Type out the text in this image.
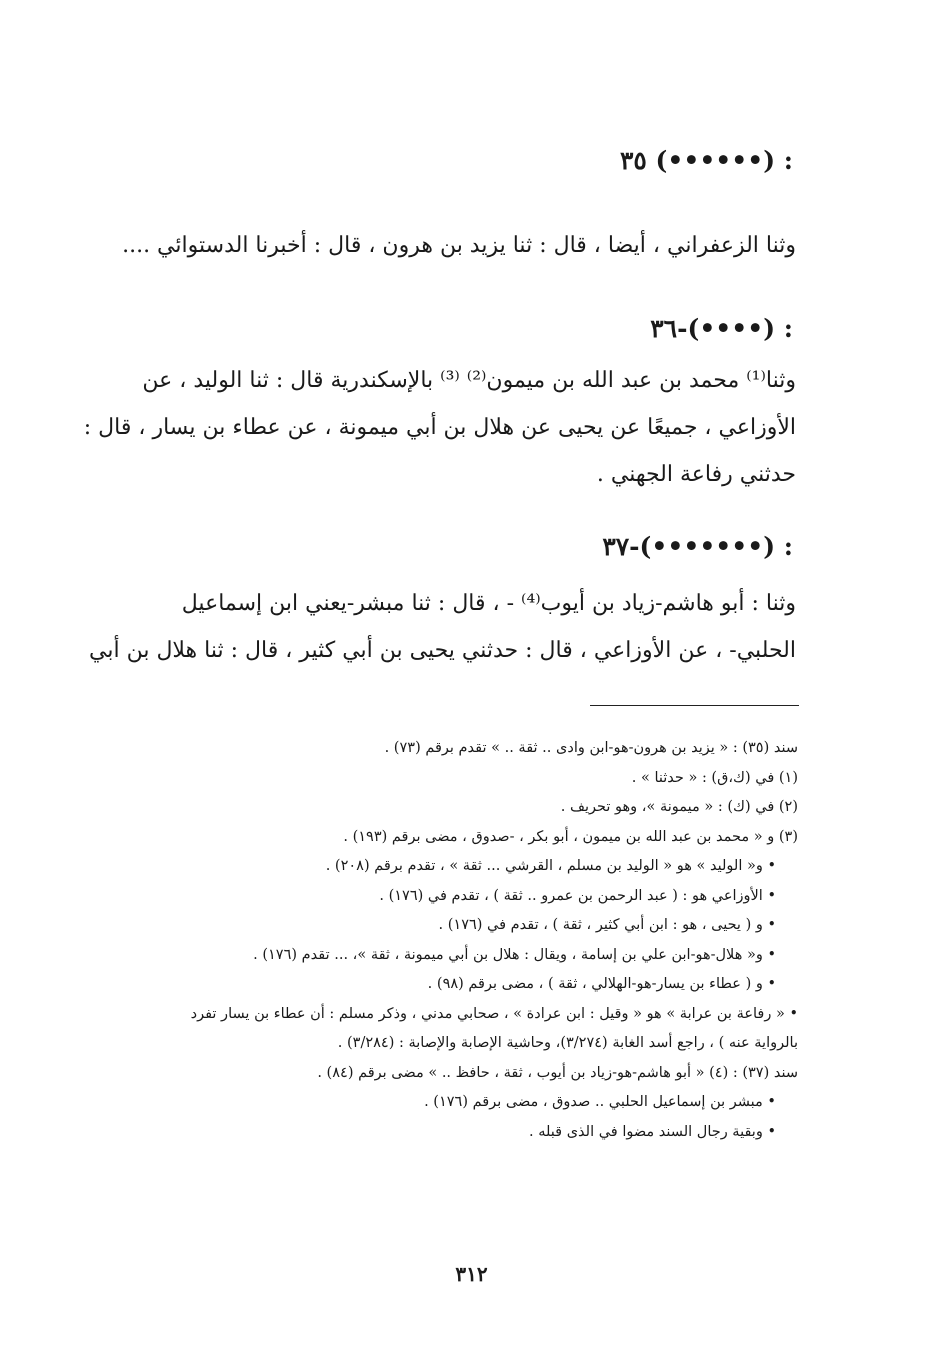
٣٥ (••••••) :
وثنا الزعفراني ، أيضا ، قال : ثنا يزيد بن هرون ، قال : أخبرنا الدستوائي ....
٣٦-(••••) :
وثنا⁽¹⁾ محمد بن عبد الله بن ميمون⁽²⁾ ⁽³⁾ بالإسكندرية قال : ثنا الوليد ، عن
الأوزاعي ، جميعًا عن يحيى عن هلال بن أبي ميمونة ، عن عطاء بن يسار ، قال :
حدثني رفاعة الجهني .
٣٧-(•••••••) :
وثنا : أبو هاشم-زياد بن أيوب⁽⁴⁾ - ، قال : ثنا مبشر-يعني ابن إسماعيل
الحلبي- ، عن الأوزاعي ، قال : حدثني يحيى بن أبي كثير ، قال : ثنا هلال بن أبي
سند (٣٥) : « يزيد بن هرون-هو-ابن وادى .. ثقة .. » تقدم برقم (٧٣) .
(١) في (ك،ق) : « حدثنا » .
(٢) في (ك) : « ميمونة »، وهو تحريف .
(٣) و « محمد بن عبد الله بن ميمون ، أبو بكر ، -صدوق ، مضى برقم (١٩٣) .
• و« الوليد » هو « الوليد بن مسلم ، القرشي ... ثقة » ، تقدم برقم (٢٠٨) .
• الأوزاعي هو : ( عبد الرحمن بن عمرو .. ثقة ) ، تقدم في (١٧٦) .
• و ( يحيى ، هو : ابن أبي كثير ، ثقة ) ، تقدم في (١٧٦) .
• و« هلال-هو-ابن علي بن إسامة ، ويقال : هلال بن أبي ميمونة ، ثقة »، ... تقدم (١٧٦) .
• و ( عطاء بن يسار-هو-الهلالي ، ثقة ) ، مضى برقم (٩٨) .
• « رفاعة بن عرابة » هو « وقيل : ابن عرادة » ، صحابي مدني ، وذكر مسلم : أن عطاء بن يسار تفرد
بالرواية عنه ) ، راجع أسد الغابة (٣/٢٧٤)، وحاشية الإصابة والإصابة : (٣/٢٨٤) .
سند (٣٧) : (٤) « أبو هاشم-هو-زياد بن أيوب ، ثقة ، حافظ .. » مضى برقم (٨٤) .
• مبشر بن إسماعيل الحلبي .. صدوق ، مضى برقم (١٧٦) .
• وبقية رجال السند مضوا في الذى قبله .
٣١٢
